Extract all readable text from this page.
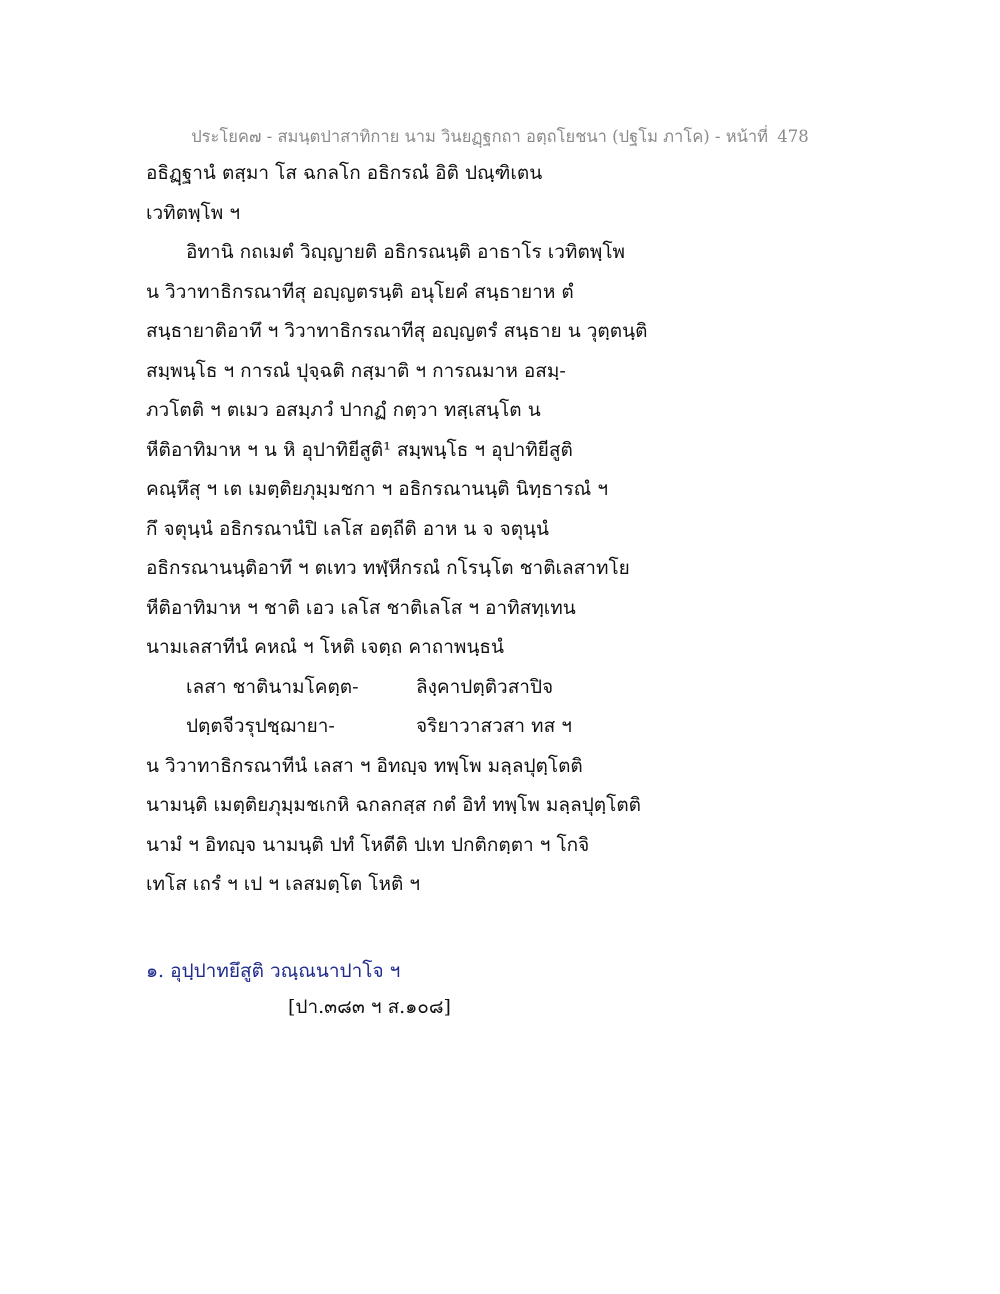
ประโยค๗ - สมนฺตปาสาทิกาย นาม วินยฏฺฐกถา อตฺถโยชนา (ปฐโม ภาโค) - หน้าที่ 478
อธิฏฺฐานํ ตสฺมา โส ฉกลโก อธิกรณํ อิติ ปณฺฑิเตน
เวทิตพฺโพ ฯ
อิทานิ กถเมตํ วิญฺญายติ อธิกรณนฺติ อาธาโร เวทิตพฺโพ
น วิวาทาธิกรณาทีสุ อญฺญตรนฺติ อนุโยคํ สนฺธายาห ตํ
สนฺธายาติอาทึ ฯ วิวาทาธิกรณาทีสุ อญฺญตรํ สนฺธาย น วุตฺตนฺติ
สมฺพนฺโธ ฯ การณํ ปุจฺฉติ กสฺมาติ ฯ การณมาห อสมฺ-
ภวโตติ ฯ ตเมว อสมฺภวํ ปากฏํ กตฺวา ทสฺเสนฺโต น
หีติอาทิมาห ฯ น หิ อุปาทิยีสูติ¹ สมฺพนฺโธ ฯ อุปาทิยีสูติ
คณฺหึสุ ฯ เต เมตฺติยภุมฺมชกา ฯ อธิกรณานนฺติ นิทฺธารณํ ฯ
กึ จตุนฺนํ อธิกรณานํปิ เลโส อตฺถีติ อาห น จ จตุนฺนํ
อธิกรณานนฺติอาทึ ฯ ตเทว ทฬฺหีกรณํ กโรนฺโต ชาติเลสาทโย
หีติอาทิมาห ฯ ชาติ เอว เลโส ชาติเลโส ฯ อาทิสทฺเทน
นามเลสาทีนํ คหณํ ฯ โหติ เจตฺถ คาถาพนฺธนํ
เลสา ชาตินามโคตฺต-	ลิงฺคาปตฺติวสาปิจ
ปตฺตจีวรุปชฺฌายา-	จริยาวาสวสา ทส ฯ
น วิวาทาธิกรณาทีนํ เลสา ฯ อิทญฺจ ทพฺโพ มลฺลปุตฺโตติ
นามนฺติ เมตฺติยภุมฺมชเกหิ ฉกลกสฺส กตํ อิทํ ทพฺโพ มลฺลปุตฺโตติ
นามํ ฯ อิทญฺจ นามนฺติ ปทํ โหตีติ ปเท ปกติกตฺตา ฯ โกจิ
เทโส เถรํ ฯ เป ฯ เลสมตฺโต โหติ ฯ
๑. อุปฺปาทยึสูติ วณฺณนาปาโจ ฯ
[ปา.๓๘๓ ฯ ส.๑๐๘]
